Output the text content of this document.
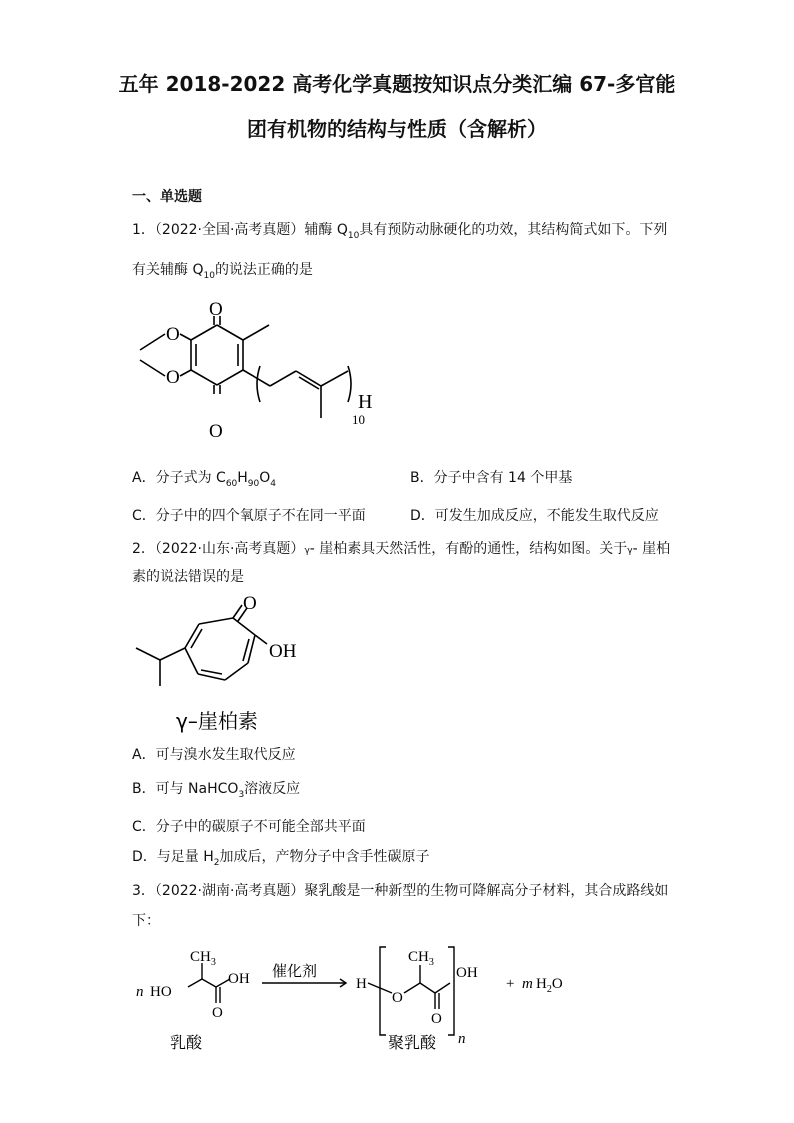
五年 2018-2022 高考化学真题按知识点分类汇编 67-多官能
团有机物的结构与性质（含解析）
一、单选题
1．（2022·全国·高考真题）辅酶 $Q_{10}$具有预防动脉硬化的功效，其结构简式如下。下列
有关辅酶 $Q_{10}$的说法正确的是
O
O
O
O
H
10
A．分子式为 $C_{60}H_{90}O_4$	B．分子中含有 14 个甲基
C．分子中的四个氧原子不在同一平面	D．可发生加成反应，不能发生取代反应
2．（2022·山东·高考真题）γ- 崖柏素具天然活性，有酚的通性，结构如图。关于γ- 崖柏
素的说法错误的是
O
OH
γ–崖柏素
A．可与溴水发生取代反应
B．可与 NaHCO$_3$溶液反应
C．分子中的碳原子不可能全部共平面
D．与足量 $H_2$加成后，产物分子中含手性碳原子
3．（2022·湖南·高考真题）聚乳酸是一种新型的生物可降解高分子材料，其合成路线如
下：
n HO
OH
$CH_3$
O
催化剂
H
O
$CH_3$
O
OH
n
+ m $H_2O$
乳酸	聚乳酸
